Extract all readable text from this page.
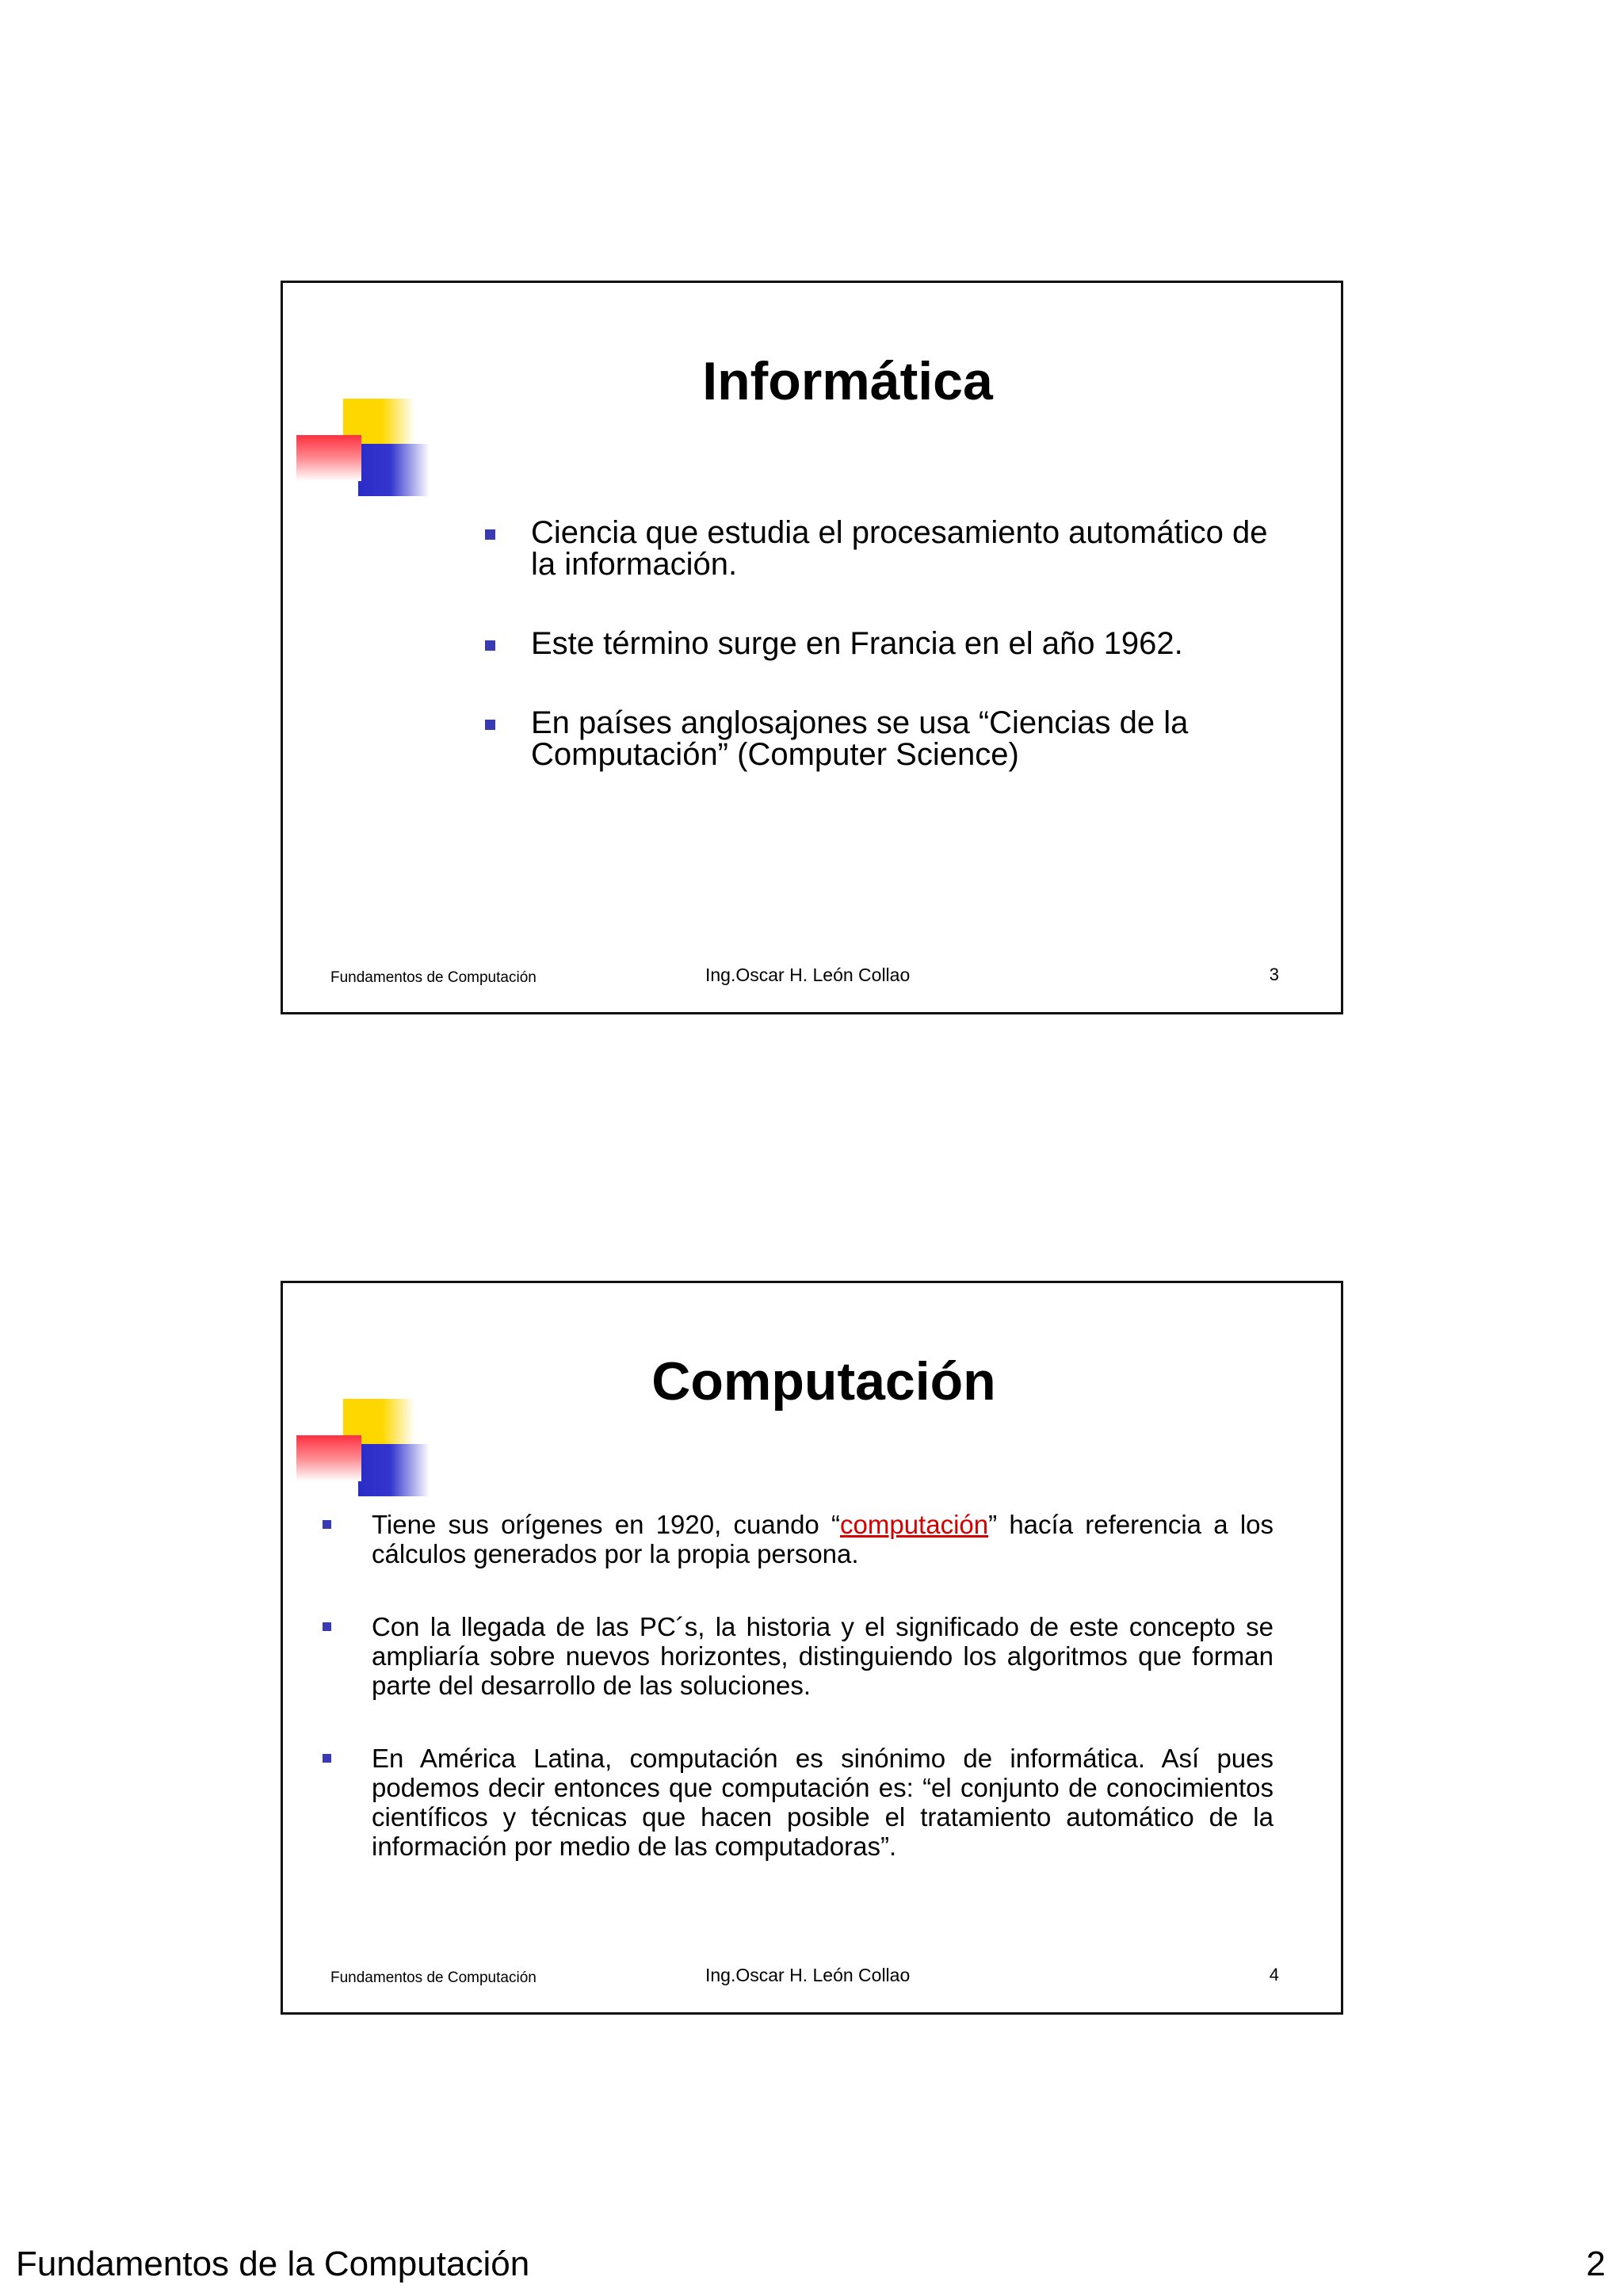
Informática
Ciencia que estudia el procesamiento automático de la información.
Este término surge en Francia en el año 1962.
En países anglosajones se usa “Ciencias de la Computación” (Computer Science)
Fundamentos de Computación	Ing.Oscar H. León Collao	3
Computación
Tiene sus orígenes en 1920, cuando “computación” hacía referencia a los cálculos generados por la propia persona.
Con la llegada de las PC´s, la historia y el significado de este concepto se ampliaría sobre nuevos horizontes, distinguiendo los algoritmos que forman parte del desarrollo de las soluciones.
En América Latina, computación es sinónimo de informática. Así pues podemos decir entonces que computación es: “el conjunto de conocimientos científicos y técnicas que hacen posible el tratamiento automático de la información por medio de las computadoras”.
Fundamentos de Computación	Ing.Oscar H. León Collao	4
Fundamentos de la Computación	2
